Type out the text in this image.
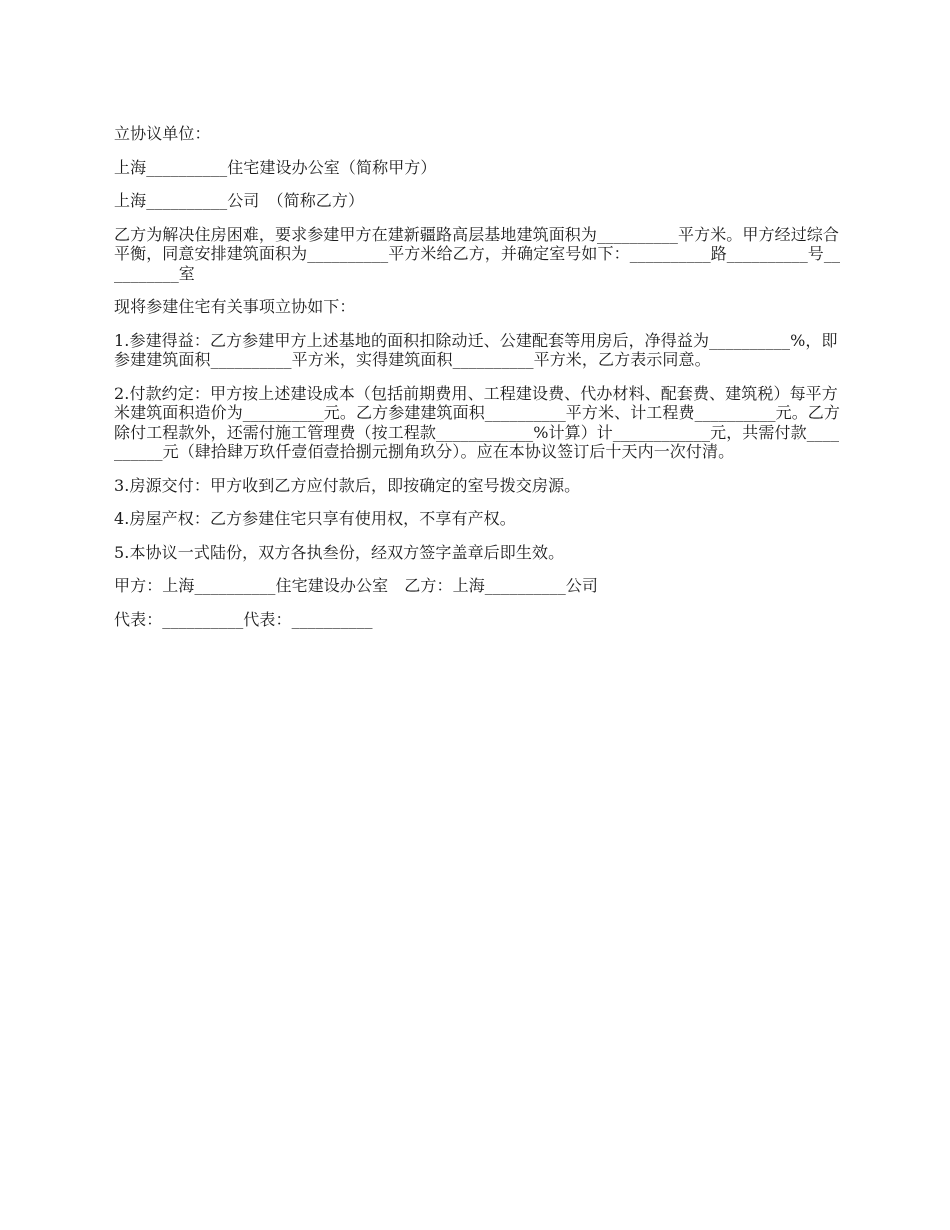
立协议单位：

上海__________住宅建设办公室（简称甲方）

上海__________公司　（简称乙方）

乙方为解决住房困难，要求参建甲方在建新疆路高层基地建筑面积为__________平方米。甲方经过综合平衡，同意安排建筑面积为__________平方米给乙方，并确定室号如下：__________路__________号__________室

现将参建住宅有关事项立协如下：

1.参建得益：乙方参建甲方上述基地的面积扣除动迁、公建配套等用房后，净得益为__________%，即参建建筑面积__________平方米，实得建筑面积__________平方米，乙方表示同意。

2.付款约定：甲方按上述建设成本（包括前期费用、工程建设费、代办材料、配套费、建筑税）每平方米建筑面积造价为__________元。乙方参建建筑面积__________平方米、计工程费__________元。乙方除付工程款外，还需付施工管理费（按工程款____________%计算）计____________元，共需付款__________元（肆拾肆万玖仟壹佰壹拾捌元捌角玖分）。应在本协议签订后十天内一次付清。

3.房源交付：甲方收到乙方应付款后，即按确定的室号拨交房源。

4.房屋产权：乙方参建住宅只享有使用权，不享有产权。

5.本协议一式陆份，双方各执叁份，经双方签字盖章后即生效。

甲方：上海__________住宅建设办公室　乙方：上海__________公司

代表：__________代表：__________
